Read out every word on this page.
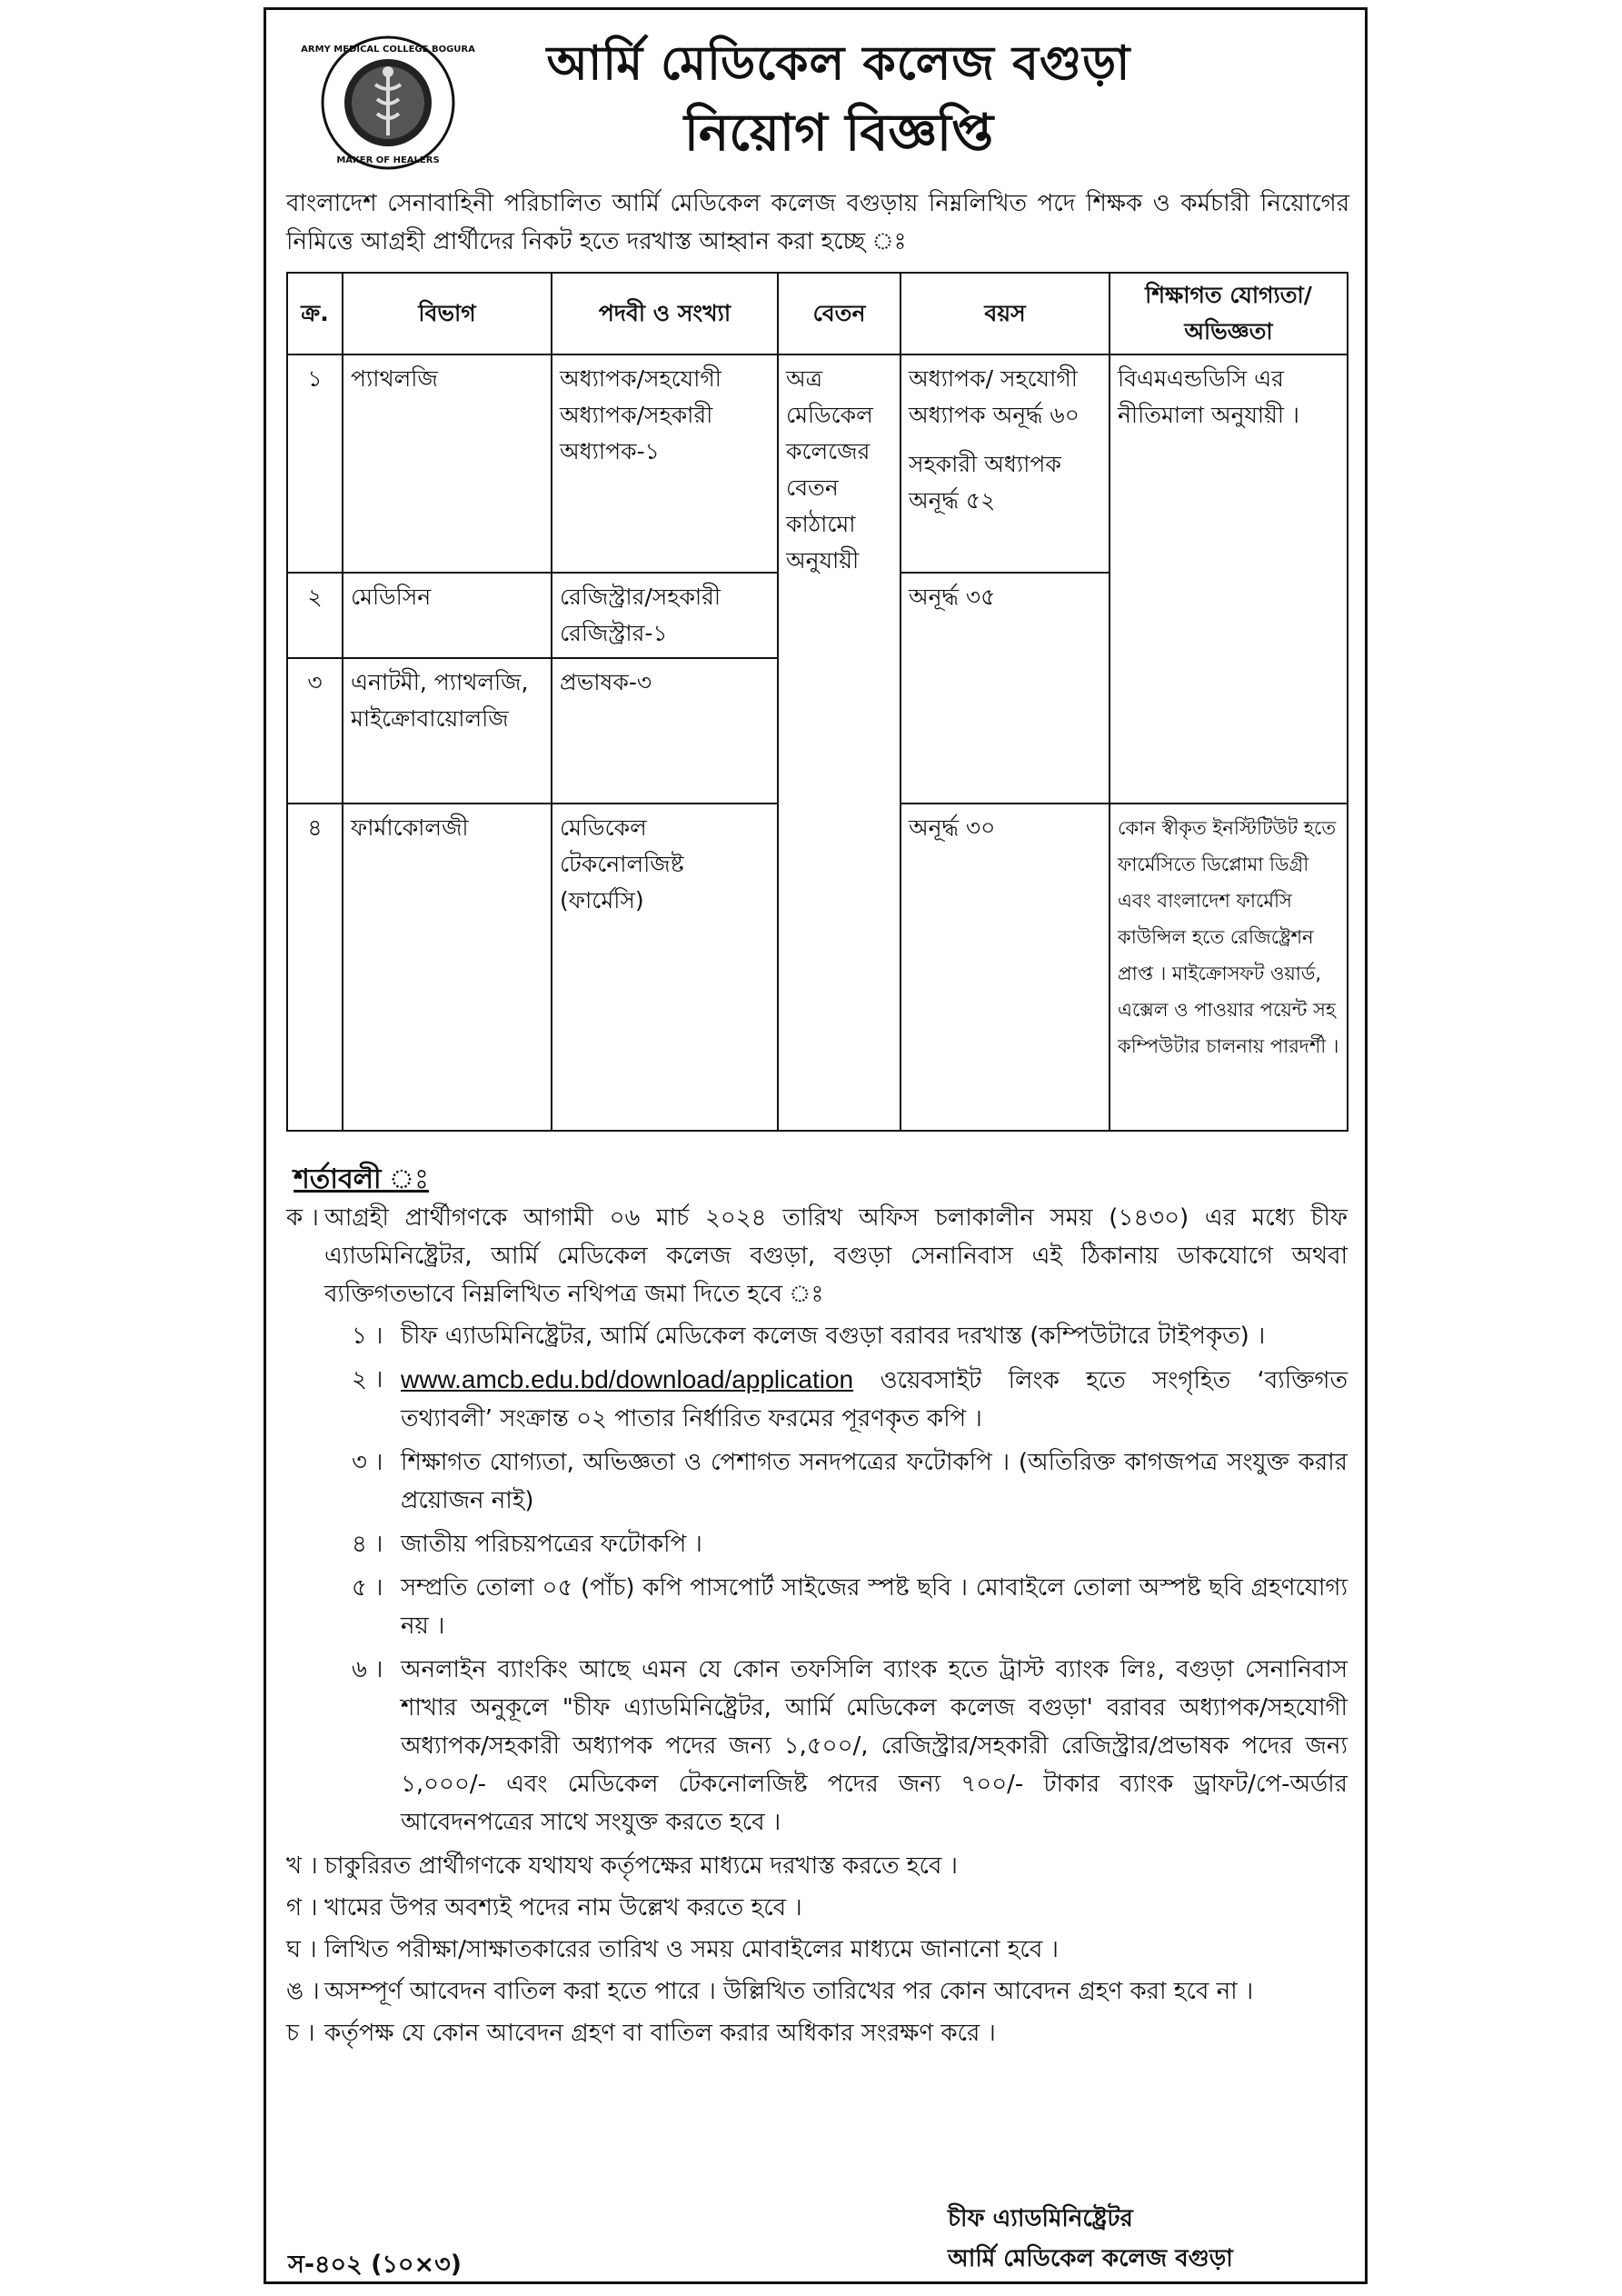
ARMY MEDICAL COLLEGE BOGURA
MAKER OF HEALERS
আর্মি মেডিকেল কলেজ বগুড়া
নিয়োগ বিজ্ঞপ্তি
বাংলাদেশ সেনাবাহিনী পরিচালিত আর্মি মেডিকেল কলেজ বগুড়ায় নিম্নলিখিত পদে শিক্ষক ও কর্মচারী নিয়োগের নিমিত্তে আগ্রহী প্রার্থীদের নিকট হতে দরখাস্ত আহ্বান করা হচ্ছে ঃ
ক্র.	বিভাগ	পদবী ও সংখ্যা	বেতন	বয়স	শিক্ষাগত যোগ্যতা/অভিজ্ঞতা
১	প্যাথলজি	অধ্যাপক/সহযোগী অধ্যাপক/সহকারী অধ্যাপক-১	অত্র মেডিকেল কলেজের বেতন কাঠামো অনুযায়ী	অধ্যাপক/ সহযোগী অধ্যাপক অনূর্দ্ধ ৬০
সহকারী অধ্যাপক অনূর্দ্ধ ৫২	বিএমএন্ডডিসি এর নীতিমালা অনুযায়ী ।
২	মেডিসিন	রেজিস্ট্রার/সহকারী রেজিস্ট্রার-১		অনূর্দ্ধ ৩৫	
৩	এনাটমী, প্যাথলজি, মাইক্রোবায়োলজি	প্রভাষক-৩			
৪	ফার্মাকোলজী	মেডিকেল টেকনোলজিষ্ট (ফার্মেসি)		অনূর্দ্ধ ৩০	কোন স্বীকৃত ইনস্টিটিউট হতে ফার্মেসিতে ডিপ্লোমা ডিগ্রী এবং বাংলাদেশ ফার্মেসি কাউন্সিল হতে রেজিষ্ট্রেশন প্রাপ্ত । মাইক্রোসফট ওয়ার্ড, এক্সেল ও পাওয়ার পয়েন্ট সহ কম্পিউটার চালনায় পারদর্শী ।
শর্তাবলী ঃ
ক । আগ্রহী প্রার্থীগণকে আগামী ০৬ মার্চ ২০২৪ তারিখ অফিস চলাকালীন সময় (১৪৩০) এর মধ্যে চীফ এ্যাডমিনিষ্ট্রেটর, আর্মি মেডিকেল কলেজ বগুড়া, বগুড়া সেনানিবাস এই ঠিকানায় ডাকযোগে অথবা ব্যক্তিগতভাবে নিম্নলিখিত নথিপত্র জমা দিতে হবে ঃ
১ । চীফ এ্যাডমিনিষ্ট্রেটর, আর্মি মেডিকেল কলেজ বগুড়া বরাবর দরখাস্ত (কম্পিউটারে টাইপকৃত) ।
২ । www.amcb.edu.bd/download/application ওয়েবসাইট লিংক হতে সংগৃহিত ‘ব্যক্তিগত তথ্যাবলী’ সংক্রান্ত ০২ পাতার নির্ধারিত ফরমের পূরণকৃত কপি ।
৩ । শিক্ষাগত যোগ্যতা, অভিজ্ঞতা ও পেশাগত সনদপত্রের ফটোকপি । (অতিরিক্ত কাগজপত্র সংযুক্ত করার প্রয়োজন নাই)
৪ । জাতীয় পরিচয়পত্রের ফটোকপি ।
৫ । সম্প্রতি তোলা ০৫ (পাঁচ) কপি পাসপোর্ট সাইজের স্পষ্ট ছবি । মোবাইলে তোলা অস্পষ্ট ছবি গ্রহণযোগ্য নয় ।
৬ । অনলাইন ব্যাংকিং আছে এমন যে কোন তফসিলি ব্যাংক হতে ট্রাস্ট ব্যাংক লিঃ, বগুড়া সেনানিবাস শাখার অনুকূলে "চীফ এ্যাডমিনিষ্ট্রেটর, আর্মি মেডিকেল কলেজ বগুড়া' বরাবর অধ্যাপক/সহযোগী অধ্যাপক/সহকারী অধ্যাপক পদের জন্য ১,৫০০/, রেজিস্ট্রার/সহকারী রেজিস্ট্রার/প্রভাষক পদের জন্য ১,০০০/- এবং মেডিকেল টেকনোলজিষ্ট পদের জন্য ৭০০/- টাকার ব্যাংক ড্রাফট/পে-অর্ডার আবেদনপত্রের সাথে সংযুক্ত করতে হবে ।
খ । চাকুরিরত প্রার্থীগণকে যথাযথ কর্তৃপক্ষের মাধ্যমে দরখাস্ত করতে হবে ।
গ । খামের উপর অবশ্যই পদের নাম উল্লেখ করতে হবে ।
ঘ । লিখিত পরীক্ষা/সাক্ষাতকারের তারিখ ও সময় মোবাইলের মাধ্যমে জানানো হবে ।
ঙ । অসম্পূর্ণ আবেদন বাতিল করা হতে পারে । উল্লিখিত তারিখের পর কোন আবেদন গ্রহণ করা হবে না ।
চ । কর্তৃপক্ষ যে কোন আবেদন গ্রহণ বা বাতিল করার অধিকার সংরক্ষণ করে ।
চীফ এ্যাডমিনিষ্ট্রেটর
আর্মি মেডিকেল কলেজ বগুড়া
স-৪০২ (১০×৩)
